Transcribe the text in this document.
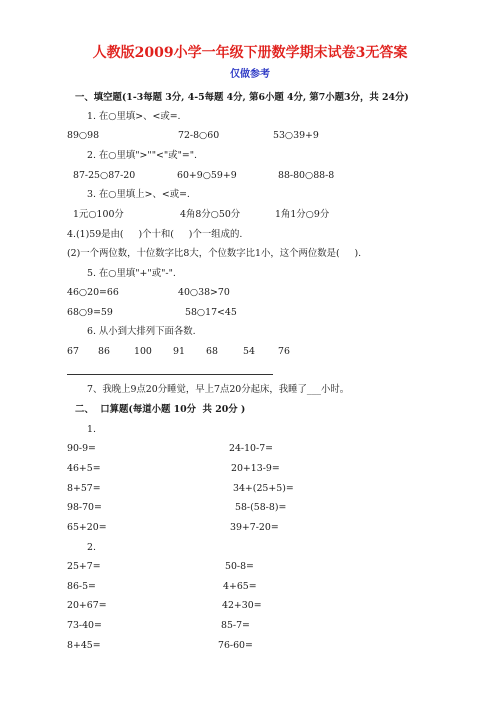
人教版2009小学一年级下册数学期末试卷3无答案
仅做参考
一、填空题(1-3每题 3分, 4-5每题 4分, 第6小题 4分, 第7小题3分，共 24分)
1. 在○里填>、<或=.
89○98	72-8○60	53○39+9
2. 在○里填">""<"或"=".
87-25○87-20	60+9○59+9	88-80○88-8
3. 在○里填上>、<或=.
1元○100分	4角8分○50分	1角1分○9分
4.(1)59是由(     )个十和(     )个一组成的.
(2)一个两位数，十位数字比8大，个位数字比1小，这个两位数是(     ).
5. 在○里填"+"或"-".
46○20=66	40○38>70
68○9=59	58○17<45
6. 从小到大排列下面各数.
67 86	100 91 68	54 76
7、我晚上9点20分睡觉，早上7点20分起床，我睡了___小时。
二、  口算题(每道小题 10分  共 20分 )
1.
90-9=	24-10-7=
46+5=	20+13-9=
8+57=	34+(25+5)=
98-70=	58-(58-8)=
65+20=	39+7-20=
2.
25+7=	50-8=
86-5=	4+65=
20+67=	42+30=
73-40=	85-7=
8+45=	76-60=
